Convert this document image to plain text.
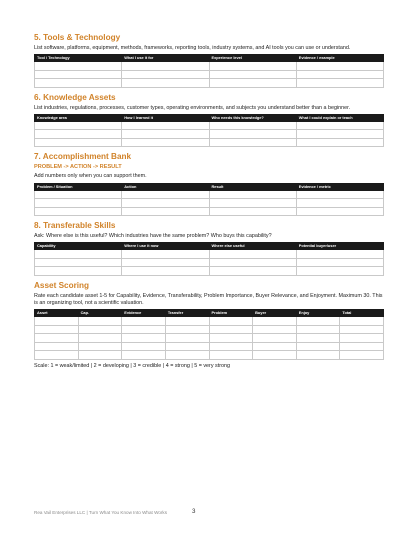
5. Tools & Technology
List software, platforms, equipment, methods, frameworks, reporting tools, industry systems, and AI tools you can use or understand.
Tool / Technology	What I use it for	Experience level	Evidence / example

6. Knowledge Assets
List industries, regulations, processes, customer types, operating environments, and subjects you understand better than a beginner.
Knowledge area	How I learned it	Who needs this knowledge?	What I could explain or teach

7. Accomplishment Bank
PROBLEM -> ACTION -> RESULT
Add numbers only when you can support them.
Problem / Situation	Action	Result	Evidence / metric

8. Transferable Skills
Ask: Where else is this useful? Which industries have the same problem? Who buys this capability?
Capability	Where I use it now	Where else useful	Potential buyer/user

Asset Scoring
Rate each candidate asset 1-5 for Capability, Evidence, Transferability, Problem Importance, Buyer Relevance, and Enjoyment. Maximum 30. This is an organizing tool, not a scientific valuation.
Asset	Cap.	Evidence	Transfer	Problem	Buyer	Enjoy	Total

Scale: 1 = weak/limited | 2 = developing | 3 = credible | 4 = strong | 5 = very strong
Rea Vail Enterprises LLC | Turn What You Know Into What Works	3
